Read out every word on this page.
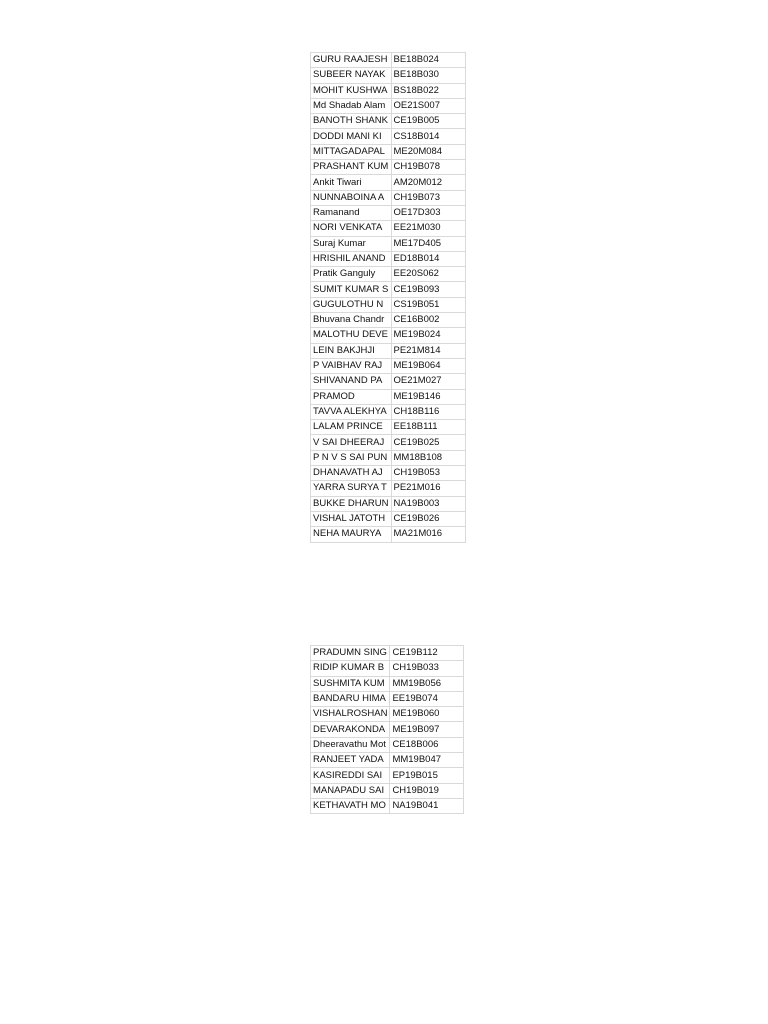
GURU RAAJESH	BE18B024
SUBEER NAYAK	BE18B030
MOHIT KUSHWA	BS18B022
Md Shadab Alam	OE21S007
BANOTH SHANK	CE19B005
DODDI MANI KI	CS18B014
MITTAGADAPAL	ME20M084
PRASHANT KUM	CH19B078
Ankit Tiwari	AM20M012
NUNNABOINA A	CH19B073
Ramanand	OE17D303
NORI VENKATA	EE21M030
Suraj Kumar	ME17D405
HRISHIL ANAND	ED18B014
Pratik Ganguly	EE20S062
SUMIT KUMAR S	CE19B093
GUGULOTHU N	CS19B051
Bhuvana Chandr	CE16B002
MALOTHU DEVE	ME19B024
LEIN BAKJHJI	PE21M814
P VAIBHAV RAJ	ME19B064
SHIVANAND PA	OE21M027
PRAMOD	ME19B146
TAVVA ALEKHYA	CH18B116
LALAM PRINCE	EE18B111
V SAI DHEERAJ	CE19B025
P N V S SAI PUN	MM18B108
DHANAVATH AJ	CH19B053
YARRA SURYA T	PE21M016
BUKKE DHARUN	NA19B003
VISHAL JATOTH	CE19B026
NEHA MAURYA	MA21M016
PRADUMN SING	CE19B112
RIDIP KUMAR B	CH19B033
SUSHMITA KUM	MM19B056
BANDARU HIMA	EE19B074
VISHALROSHAN	ME19B060
DEVARAKONDA	ME19B097
Dheeravathu Mot	CE18B006
RANJEET YADA	MM19B047
KASIREDDI SAI	EP19B015
MANAPADU SAI	CH19B019
KETHAVATH MO	NA19B041
